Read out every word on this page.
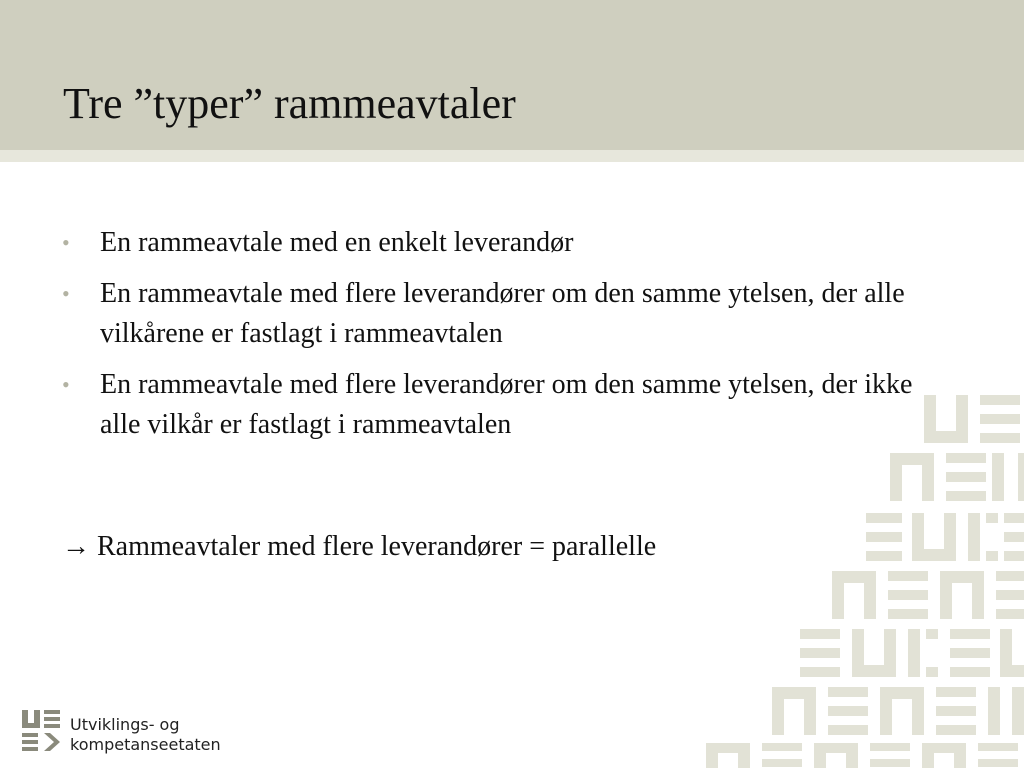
Tre ”typer” rammeavtaler
• En rammeavtale med en enkelt leverandør
• En rammeavtale med flere leverandører om den samme ytelsen, der alle vilkårene er fastlagt i rammeavtalen
• En rammeavtale med flere leverandører om den samme ytelsen, der ikke alle vilkår er fastlagt i rammeavtalen
→ Rammeavtaler med flere leverandører = parallelle
Utviklings- og
kompetanseetaten
